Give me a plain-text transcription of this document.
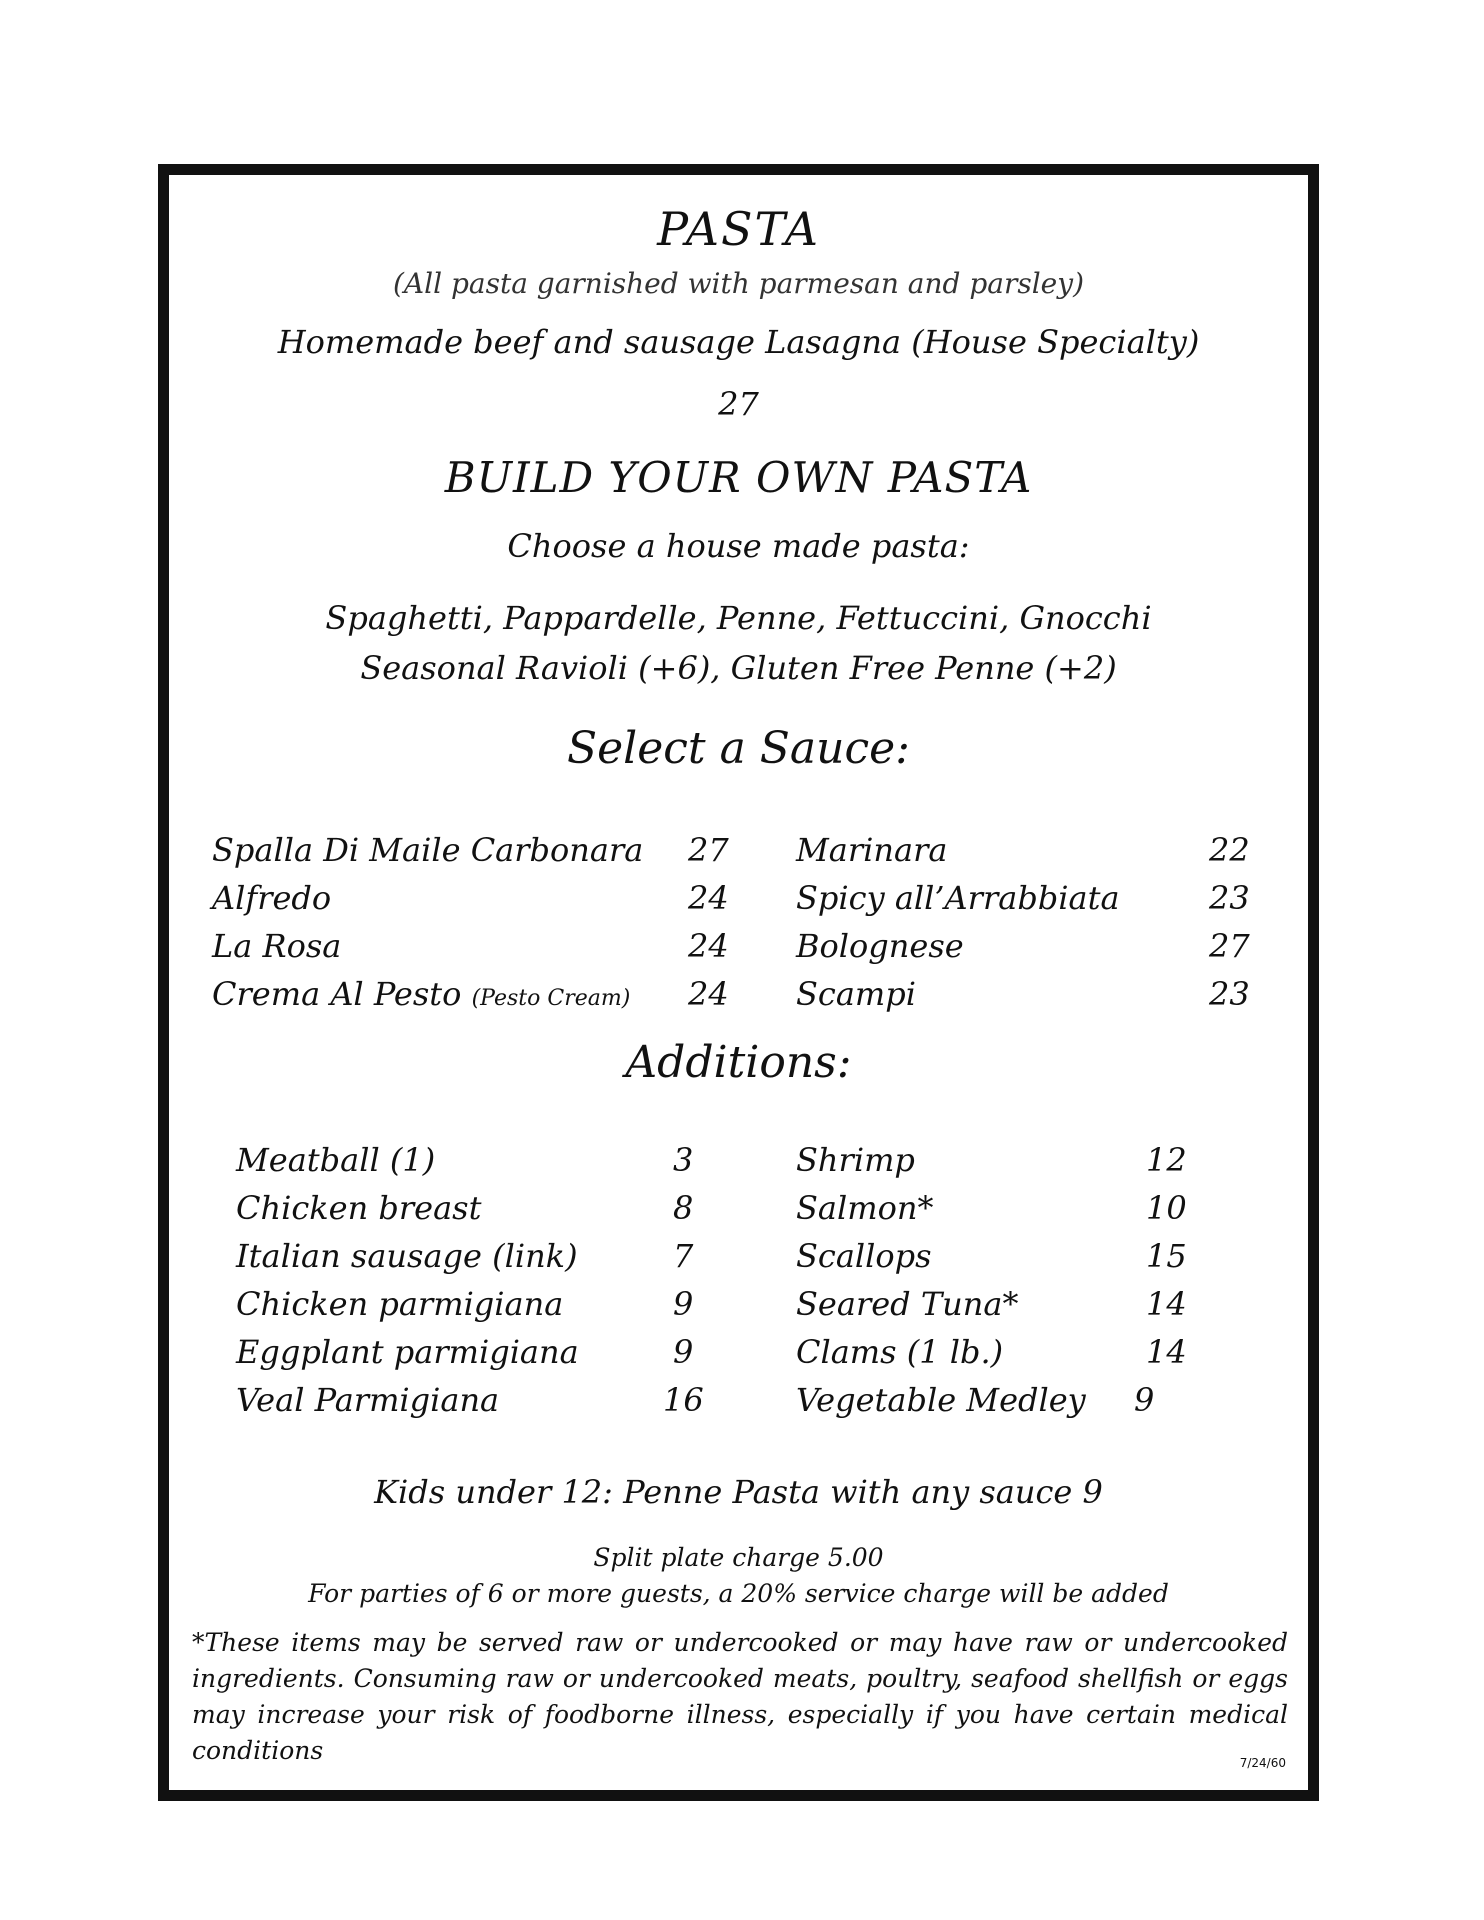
PASTA
(All pasta garnished with parmesan and parsley)
Homemade beef and sausage Lasagna (House Specialty)
27
BUILD YOUR OWN PASTA
Choose a house made pasta:
Spaghetti, Pappardelle, Penne, Fettuccini, Gnocchi
Seasonal Ravioli (+6), Gluten Free Penne (+2)
Select a Sauce:
Spalla Di Maile Carbonara 27
Alfredo	24
La Rosa	24
Crema Al Pesto (Pesto Cream) 24
Marinara	22
Spicy all’Arrabbiata	23
Bolognese	27
Scampi	23
Additions:
Meatball (1)	3
Chicken breast	8
Italian sausage (link)	7
Chicken parmigiana	9
Eggplant parmigiana	9
Veal Parmigiana	16
Shrimp	12
Salmon*	10
Scallops	15
Seared Tuna*	14
Clams (1 lb.)	14
Vegetable Medley 9
Kids under 12: Penne Pasta with any sauce 9
Split plate charge 5.00
For parties of 6 or more guests, a 20% service charge will be added
*These items may be served raw or undercooked or may have raw or undercooked ingredients. Consuming raw or undercooked meats, poultry, seafood shellfish or eggs may increase your risk of foodborne illness, especially if you have certain medical conditions	7/24/60
